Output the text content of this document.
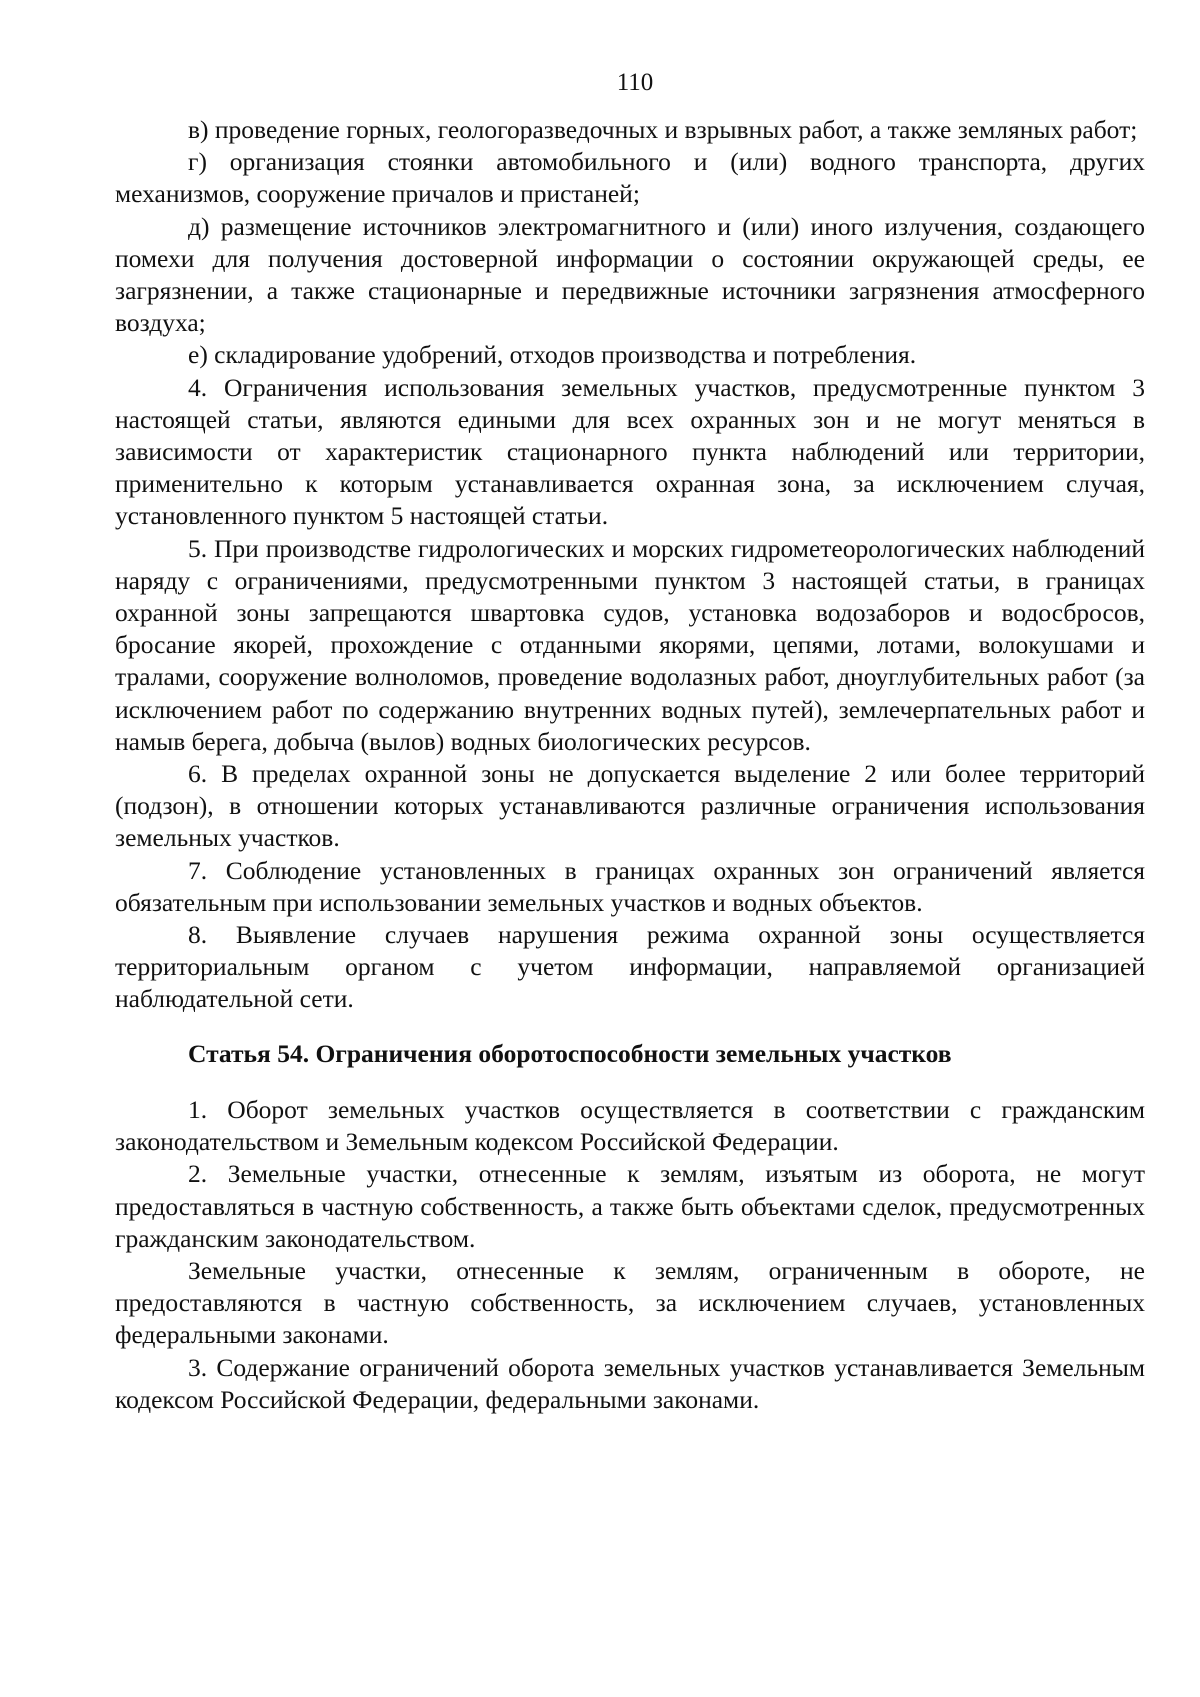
110

в) проведение горных, геологоразведочных и взрывных работ, а также земляных работ;

г) организация стоянки автомобильного и (или) водного транспорта, других механизмов, сооружение причалов и пристаней;

д) размещение источников электромагнитного и (или) иного излучения, создающего помехи для получения достоверной информации о состоянии окружающей среды, ее загрязнении, а также стационарные и передвижные источники загрязнения атмосферного воздуха;

е) складирование удобрений, отходов производства и потребления.

4. Ограничения использования земельных участков, предусмотренные пунктом 3 настоящей статьи, являются едиными для всех охранных зон и не могут меняться в зависимости от характеристик стационарного пункта наблюдений или территории, применительно к которым устанавливается охранная зона, за исключением случая, установленного пунктом 5 настоящей статьи.

5. При производстве гидрологических и морских гидрометеорологических наблюдений наряду с ограничениями, предусмотренными пунктом 3 настоящей статьи, в границах охранной зоны запрещаются швартовка судов, установка водозаборов и водосбросов, бросание якорей, прохождение с отданными якорями, цепями, лотами, волокушами и тралами, сооружение волноломов, проведение водолазных работ, дноуглубительных работ (за исключением работ по содержанию внутренних водных путей), землечерпательных работ и намыв берега, добыча (вылов) водных биологических ресурсов.

6. В пределах охранной зоны не допускается выделение 2 или более территорий (подзон), в отношении которых устанавливаются различные ограничения использования земельных участков.

7. Соблюдение установленных в границах охранных зон ограничений является обязательным при использовании земельных участков и водных объектов.

8. Выявление случаев нарушения режима охранной зоны осуществляется территориальным органом с учетом информации, направляемой организацией наблюдательной сети.

Статья 54. Ограничения оборотоспособности земельных участков

1. Оборот земельных участков осуществляется в соответствии с гражданским законодательством и Земельным кодексом Российской Федерации.

2. Земельные участки, отнесенные к землям, изъятым из оборота, не могут предоставляться в частную собственность, а также быть объектами сделок, предусмотренных гражданским законодательством.

Земельные участки, отнесенные к землям, ограниченным в обороте, не предоставляются в частную собственность, за исключением случаев, установленных федеральными законами.

3. Содержание ограничений оборота земельных участков устанавливается Земельным кодексом Российской Федерации, федеральными законами.
